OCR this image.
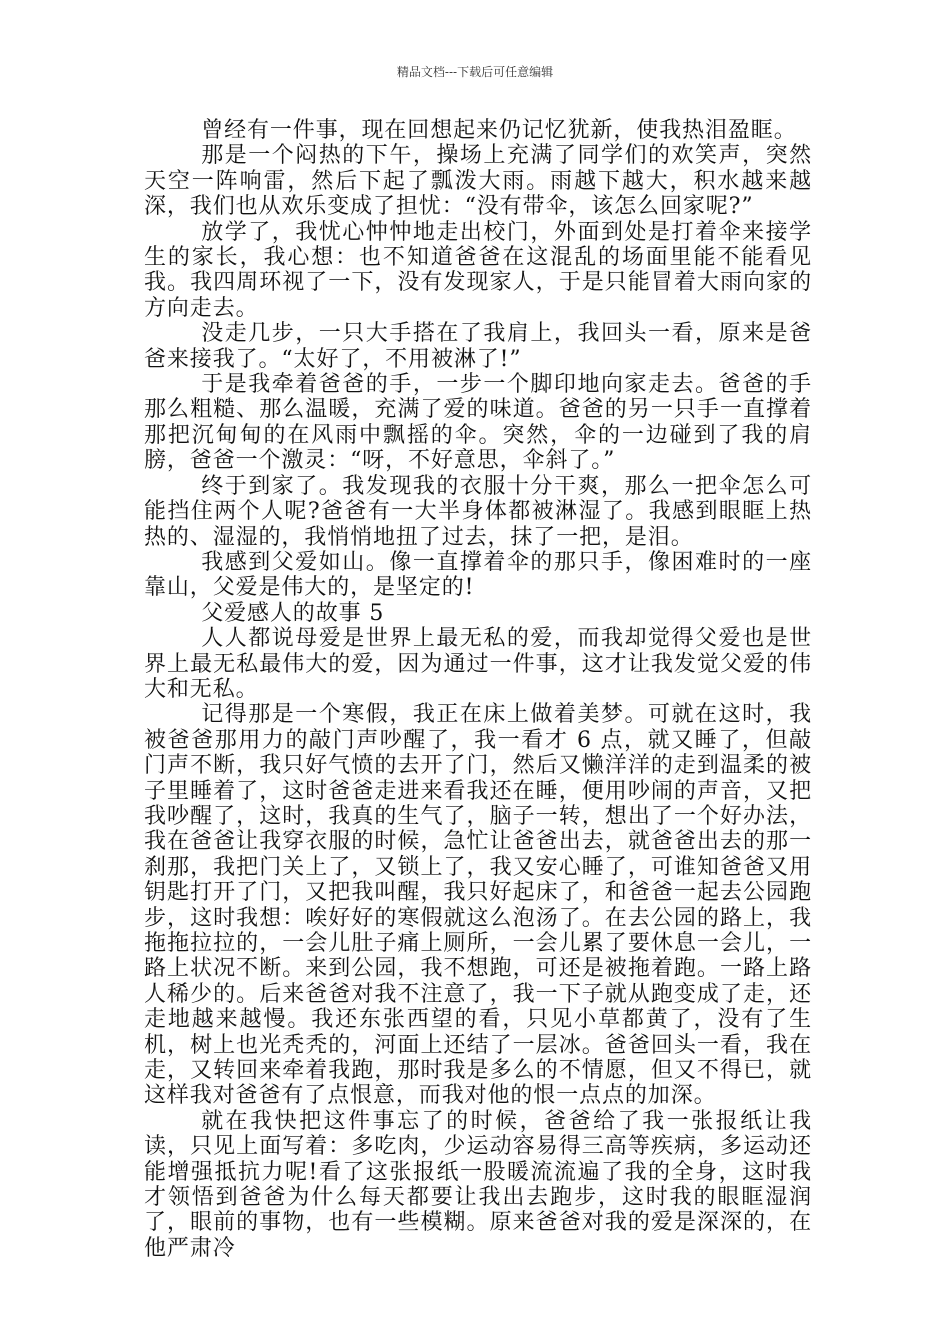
精品文档---下载后可任意编辑

曾经有一件事，现在回想起来仍记忆犹新，使我热泪盈眶。

那是一个闷热的下午，操场上充满了同学们的欢笑声，突然天空一阵响雷，然后下起了瓢泼大雨。雨越下越大，积水越来越深，我们也从欢乐变成了担忧：“没有带伞，该怎么回家呢?”

放学了，我忧心忡忡地走出校门，外面到处是打着伞来接学生的家长，我心想：也不知道爸爸在这混乱的场面里能不能看见我。我四周环视了一下，没有发现家人，于是只能冒着大雨向家的方向走去。

没走几步，一只大手搭在了我肩上，我回头一看，原来是爸爸来接我了。“太好了，不用被淋了!”

于是我牵着爸爸的手，一步一个脚印地向家走去。爸爸的手那么粗糙、那么温暖，充满了爱的味道。爸爸的另一只手一直撑着那把沉甸甸的在风雨中飘摇的伞。突然，伞的一边碰到了我的肩膀，爸爸一个激灵：“呀，不好意思，伞斜了。”

终于到家了。我发现我的衣服十分干爽，那么一把伞怎么可能挡住两个人呢?爸爸有一大半身体都被淋湿了。我感到眼眶上热热的、湿湿的，我悄悄地扭了过去，抹了一把，是泪。

我感到父爱如山。像一直撑着伞的那只手，像困难时的一座靠山，父爱是伟大的，是坚定的!

父爱感人的故事 5

人人都说母爱是世界上最无私的爱，而我却觉得父爱也是世界上最无私最伟大的爱，因为通过一件事，这才让我发觉父爱的伟大和无私。

记得那是一个寒假，我正在床上做着美梦。可就在这时，我被爸爸那用力的敲门声吵醒了，我一看才 6 点，就又睡了，但敲门声不断，我只好气愤的去开了门，然后又懒洋洋的走到温柔的被子里睡着了，这时爸爸走进来看我还在睡，便用吵闹的声音，又把我吵醒了，这时，我真的生气了，脑子一转，想出了一个好办法，我在爸爸让我穿衣服的时候，急忙让爸爸出去，就爸爸出去的那一刹那，我把门关上了，又锁上了，我又安心睡了，可谁知爸爸又用钥匙打开了门，又把我叫醒，我只好起床了，和爸爸一起去公园跑步，这时我想：唉好好的寒假就这么泡汤了。在去公园的路上，我拖拖拉拉的，一会儿肚子痛上厕所，一会儿累了要休息一会儿，一路上状况不断。来到公园，我不想跑，可还是被拖着跑。一路上路人稀少的。后来爸爸对我不注意了，我一下子就从跑变成了走，还走地越来越慢。我还东张西望的看，只见小草都黄了，没有了生机，树上也光秃秃的，河面上还结了一层冰。爸爸回头一看，我在走，又转回来牵着我跑，那时我是多么的不情愿，但又不得已，就这样我对爸爸有了点恨意，而我对他的恨一点点的加深。

就在我快把这件事忘了的时候，爸爸给了我一张报纸让我读，只见上面写着：多吃肉，少运动容易得三高等疾病，多运动还能增强抵抗力呢!看了这张报纸一股暖流流遍了我的全身，这时我才领悟到爸爸为什么每天都要让我出去跑步，这时我的眼眶湿润了，眼前的事物，也有一些模糊。原来爸爸对我的爱是深深的，在他严肃冷
